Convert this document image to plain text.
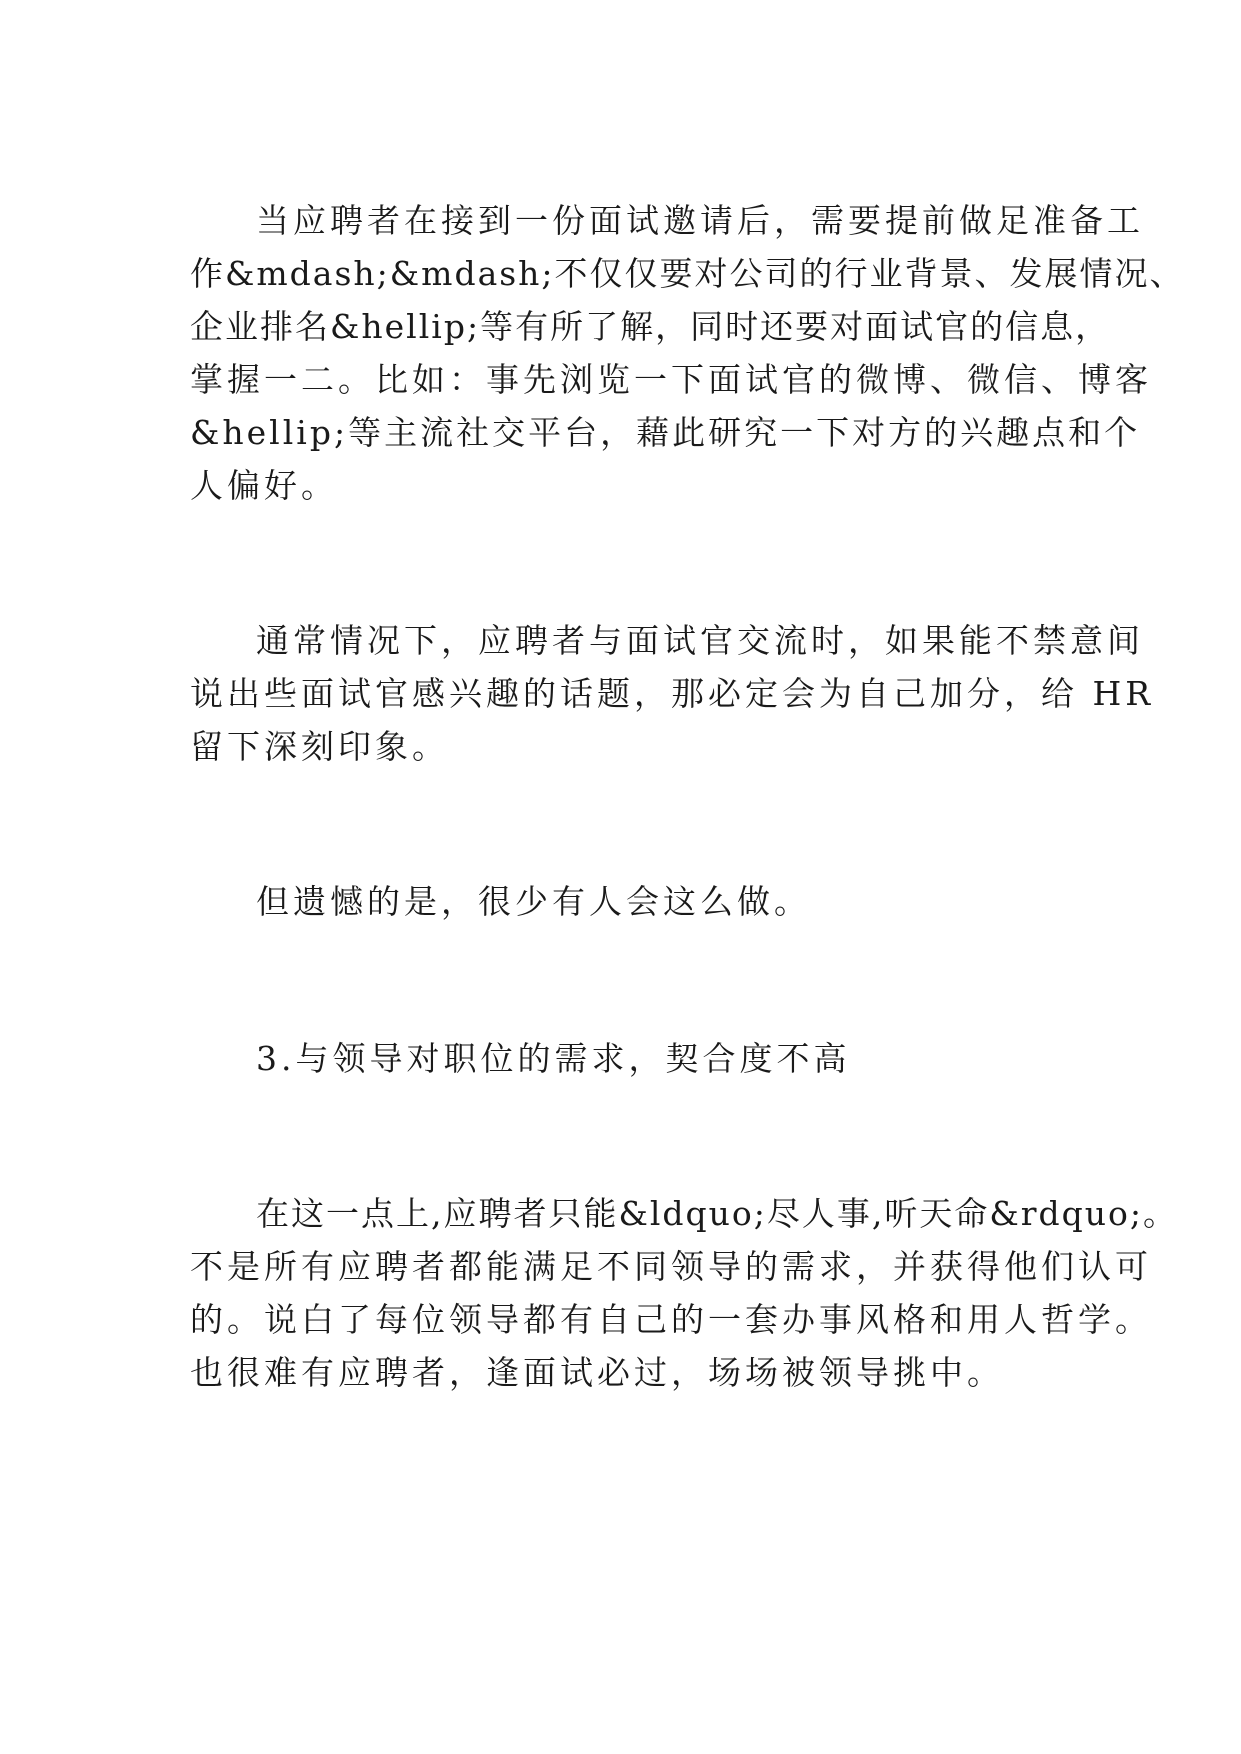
当应聘者在接到一份面试邀请后，需要提前做足准备工
作&mdash;&mdash;不仅仅要对公司的行业背景、发展情况、
企业排名&hellip;等有所了解，同时还要对面试官的信息，
掌握一二。比如：事先浏览一下面试官的微博、微信、博客
&hellip;等主流社交平台，藉此研究一下对方的兴趣点和个
人偏好。
通常情况下，应聘者与面试官交流时，如果能不禁意间
说出些面试官感兴趣的话题，那必定会为自己加分，给 HR
留下深刻印象。
但遗憾的是，很少有人会这么做。
3.与领导对职位的需求，契合度不高
在这一点上,应聘者只能&ldquo;尽人事,听天命&rdquo;。
不是所有应聘者都能满足不同领导的需求，并获得他们认可
的。说白了每位领导都有自己的一套办事风格和用人哲学。
也很难有应聘者，逢面试必过，场场被领导挑中。
